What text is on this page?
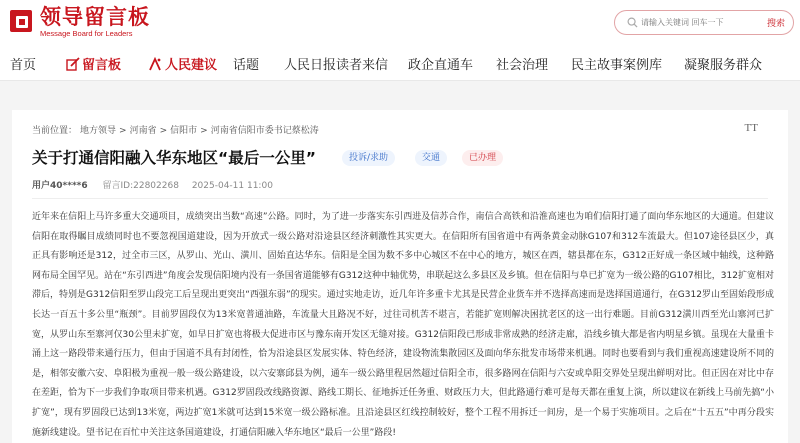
领导留言板
Message Board for Leaders
请输入关键词 回车一下
搜索
首页	留言板	人民建议 话题 人民日报读者来信 政企直通车 社会治理 民主故事案例库 凝聚服务群众
当前位置： 地方领导 > 河南省 > 信阳市 > 河南省信阳市委书记蔡松涛	TT
关于打通信阳融入华东地区“最后一公里”	投诉/求助	交通	已办理
用户40****6 留言ID:22802268 2025-04-11 11:00
近年来在信阳上马许多重大交通项目，成绩突出当数“高速”公路。同时，为了进一步落实东引西进及信苏合作，南信合高铁和沿淮高速也为咱们信阳打通了面向华东地区的大通道。但建议信阳在取得瞩目成绩同时也不要忽视国道建设，因为开放式一级公路对沿途县区经济刺激性其实更大。在信阳所有国省道中有两条黄金动脉G107和312车流最大。但107途径县区少，真正具有影响还是312，过全市三区，从罗山、光山、潢川、固始直达华东。信阳是全国为数不多中心城区不在中心的地方，城区在西，辖县都在东，G312正好成一条区域中轴线，这种路网布局全国罕见。站在“东引西进”角度会发现信阳境内没有一条国省道能够有G312这种中轴优势，串联起这么多县区及乡镇。但在信阳与阜已扩宽为一级公路的G107相比，312扩宽相对滞后，特别是G312信阳至罗山段完工后呈现出更突出“西强东弱”的现实。通过实地走访，近几年许多重卡尤其是民营企业货车并不选择高速而是选择国道通行，在G312罗山至固始段形成长达一百五十多公里“瓶颈”。目前罗固段仅为13米宽普通油路，车流量大且路况不好，过往司机苦不堪言，若能扩宽则解决困扰老区的这一出行难题。目前G312潢川西至光山寨河已扩宽，从罗山东至寨河仅30公里未扩宽，如早日扩宽也将极大促进市区与豫东南开发区无缝对接。G312信阳段已形成非常成熟的经济走廊，沿线乡镇大都是省内明星乡镇。虽现在大量重卡涌上这一路段带来通行压力，但由于国道不具有封闭性，恰为沿途县区发展实体、特色经济，建设物流集散园区及面向华东批发市场带来机遇。同时也要看到与我们重视高速建设所不同的是，相邻安徽六安、阜阳极为重视一般一级公路建设，以六安寨邱县为例，通车一级公路里程居然超过信阳全市，很多路网在信阳与六安或阜阳交界处呈现出鲜明对比。但正因在对比中存在差距，恰为下一步我们争取项目带来机遇。G312罗固段改线路资源、路线工期长、征地拆迁任务重、财政压力大，但此路通行难可是每天都在重复上演，所以建议在新线上马前先搞“小扩宽”，现有罗固段已达到13米宽，两边扩宽1米就可达到15米宽一级公路标准。且沿途县区红线控制较好，整个工程不用拆迁一间房，是一个易于实施项目。之后在“十五五”中再分段实施新线建设。望书记在百忙中关注这条国道建设，打通信阳融入华东地区“最后一公里”路段!
